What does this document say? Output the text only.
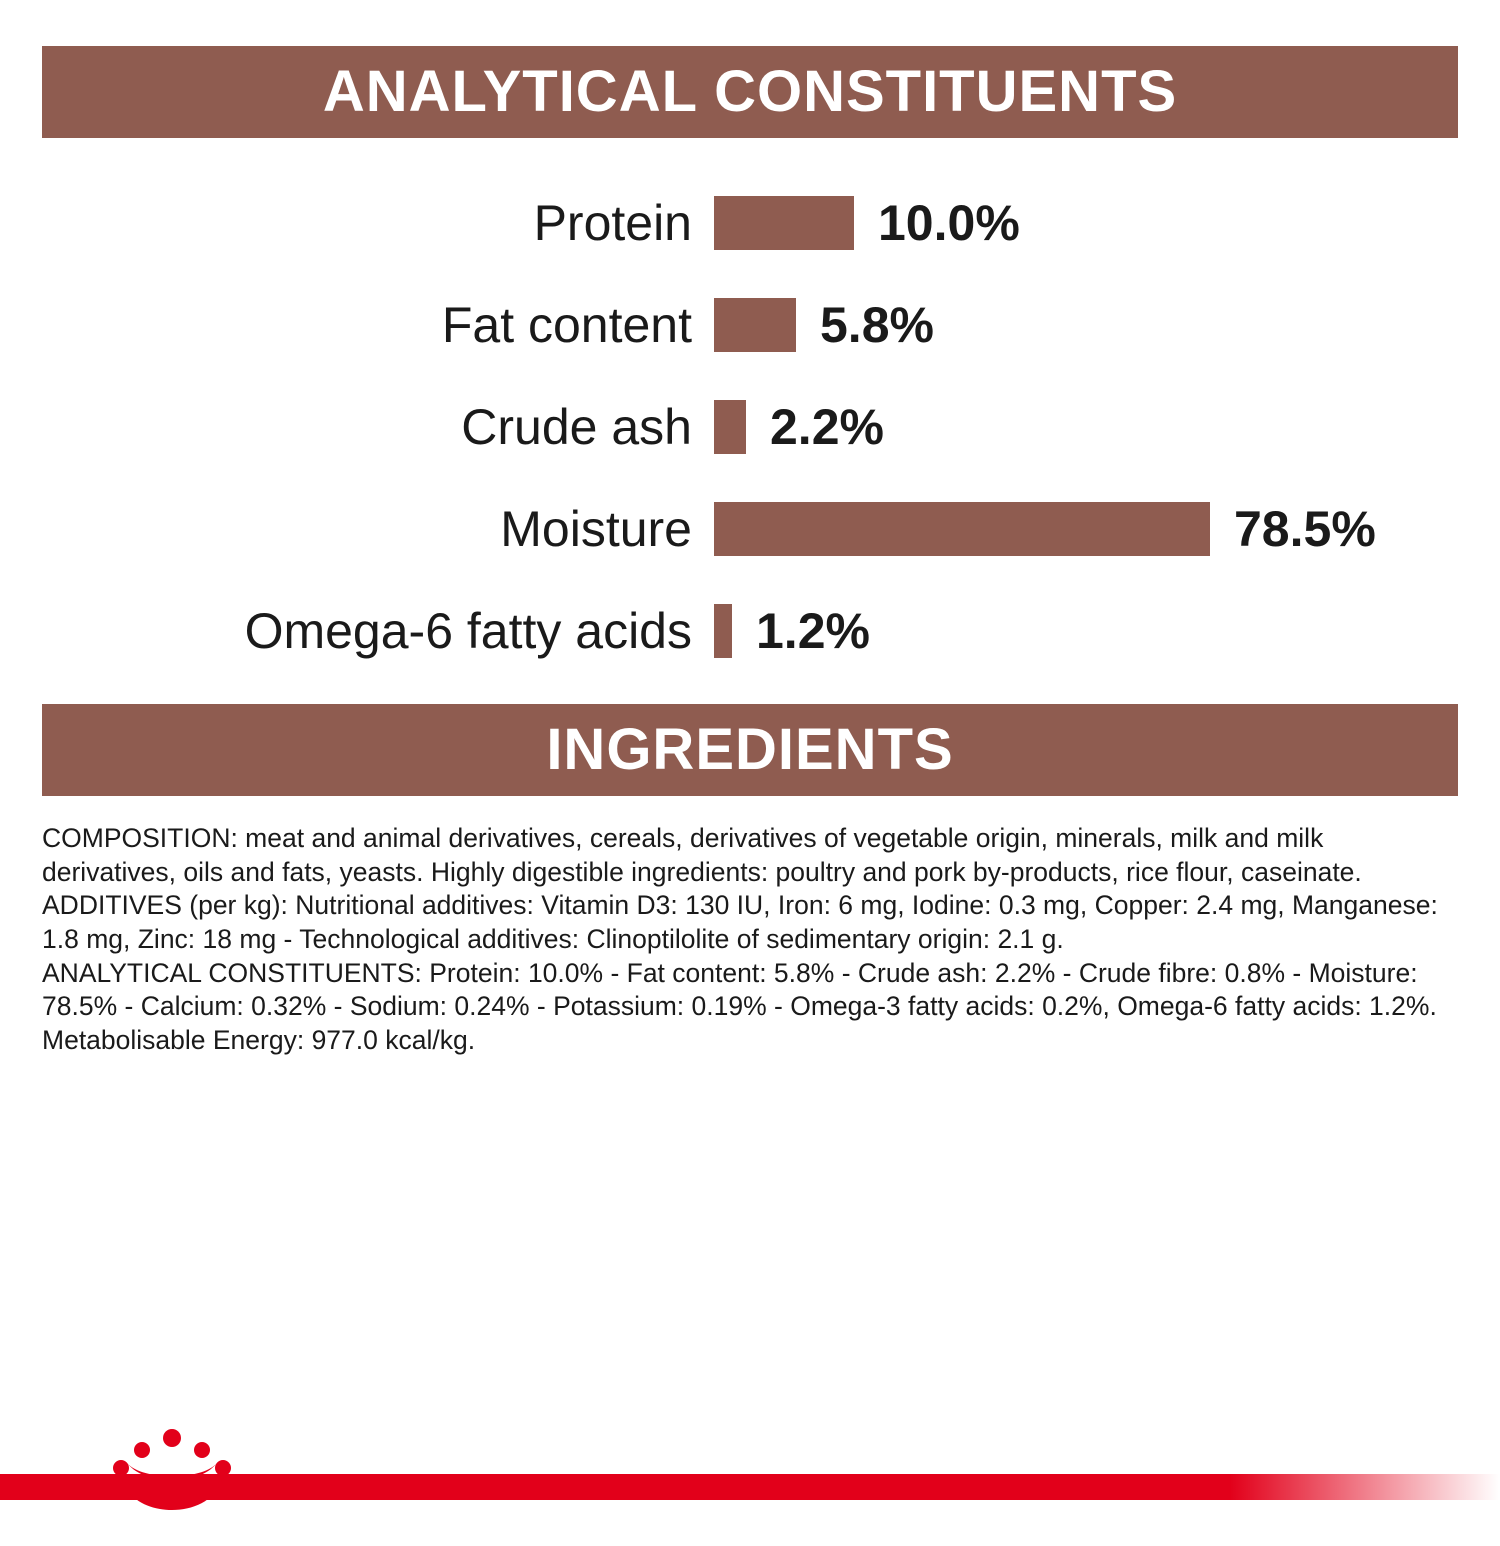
ANALYTICAL CONSTITUENTS
Protein	10.0%
Fat content	5.8%
Crude ash	2.2%
Moisture	78.5%
Omega-6 fatty acids	1.2%
INGREDIENTS

COMPOSITION: meat and animal derivatives, cereals, derivatives of vegetable origin, minerals, milk and milk derivatives, oils and fats, yeasts. Highly digestible ingredients: poultry and pork by-products, rice flour, caseinate.

ADDITIVES (per kg): Nutritional additives: Vitamin D3: 130 IU, Iron: 6 mg, Iodine: 0.3 mg, Copper: 2.4 mg, Manganese: 1.8 mg, Zinc: 18 mg - Technological additives: Clinoptilolite of sedimentary origin: 2.1 g.

ANALYTICAL CONSTITUENTS: Protein: 10.0% - Fat content: 5.8% - Crude ash: 2.2% - Crude fibre: 0.8% - Moisture: 78.5% - Calcium: 0.32% - Sodium: 0.24% - Potassium: 0.19% - Omega-3 fatty acids: 0.2%, Omega-6 fatty acids: 1.2%. Metabolisable Energy: 977.0 kcal/kg.
